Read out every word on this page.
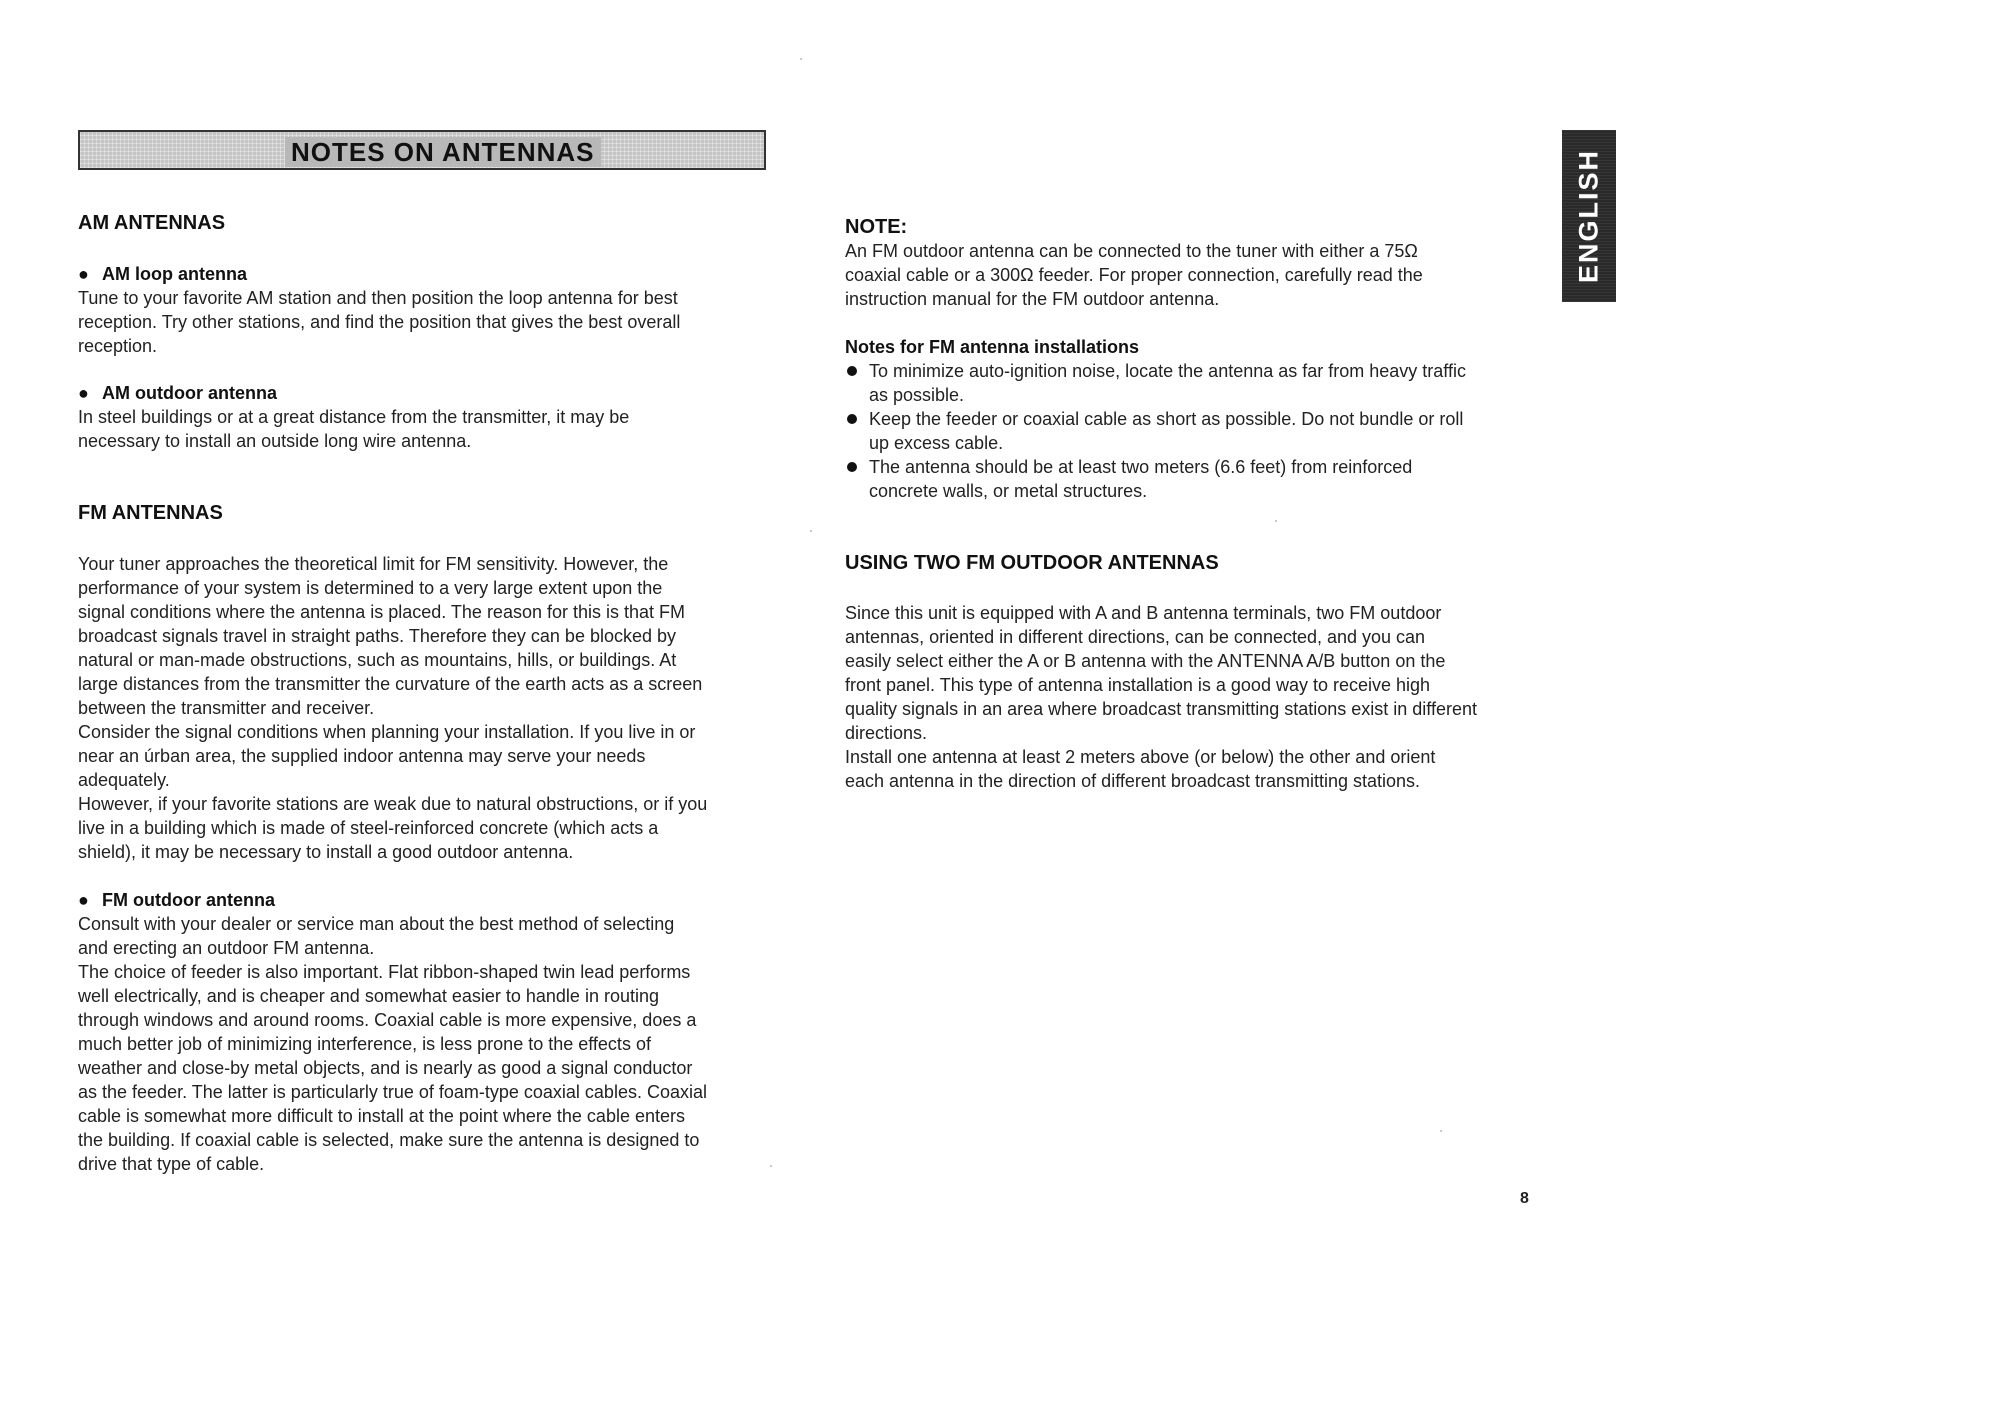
NOTES ON ANTENNAS	ENGLISH
AM ANTENNAS
● AM loop antenna

Tune to your favorite AM station and then position the loop antenna for best

reception. Try other stations, and find the position that gives the best overall

reception.

● AM outdoor antenna

In steel buildings or at a great distance from the transmitter, it may be

necessary to install an outside long wire antenna.

FM ANTENNAS

Your tuner approaches the theoretical limit for FM sensitivity. However, the

performance of your system is determined to a very large extent upon the

signal conditions where the antenna is placed. The reason for this is that FM

broadcast signals travel in straight paths. Therefore they can be blocked by

natural or man-made obstructions, such as mountains, hills, or buildings. At

large distances from the transmitter the curvature of the earth acts as a screen

between the transmitter and receiver.

Consider the signal conditions when planning your installation. If you live in or

near an úrban area, the supplied indoor antenna may serve your needs

adequately.

However, if your favorite stations are weak due to natural obstructions, or if you

live in a building which is made of steel-reinforced concrete (which acts a

shield), it may be necessary to install a good outdoor antenna.

● FM outdoor antenna

Consult with your dealer or service man about the best method of selecting

and erecting an outdoor FM antenna.

The choice of feeder is also important. Flat ribbon-shaped twin lead performs

well electrically, and is cheaper and somewhat easier to handle in routing

through windows and around rooms. Coaxial cable is more expensive, does a

much better job of minimizing interference, is less prone to the effects of

weather and close-by metal objects, and is nearly as good a signal conductor

as the feeder. The latter is particularly true of foam-type coaxial cables. Coaxial

cable is somewhat more difficult to install at the point where the cable enters

the building. If coaxial cable is selected, make sure the antenna is designed to

drive that type of cable.

NOTE:

An FM outdoor antenna can be connected to the tuner with either a 75Ω

coaxial cable or a 300Ω feeder. For proper connection, carefully read the

instruction manual for the FM outdoor antenna.

Notes for FM antenna installations
To minimize auto-ignition noise, locate the antenna as far from heavy traffic
as possible.
Keep the feeder or coaxial cable as short as possible. Do not bundle or roll
up excess cable.
The antenna should be at least two meters (6.6 feet) from reinforced
concrete walls, or metal structures.
USING TWO FM OUTDOOR ANTENNAS

Since this unit is equipped with A and B antenna terminals, two FM outdoor

antennas, oriented in different directions, can be connected, and you can

easily select either the A or B antenna with the ANTENNA A/B button on the

front panel. This type of antenna installation is a good way to receive high

quality signals in an area where broadcast transmitting stations exist in different

directions.

Install one antenna at least 2 meters above (or below) the other and orient

each antenna in the direction of different broadcast transmitting stations.

8
